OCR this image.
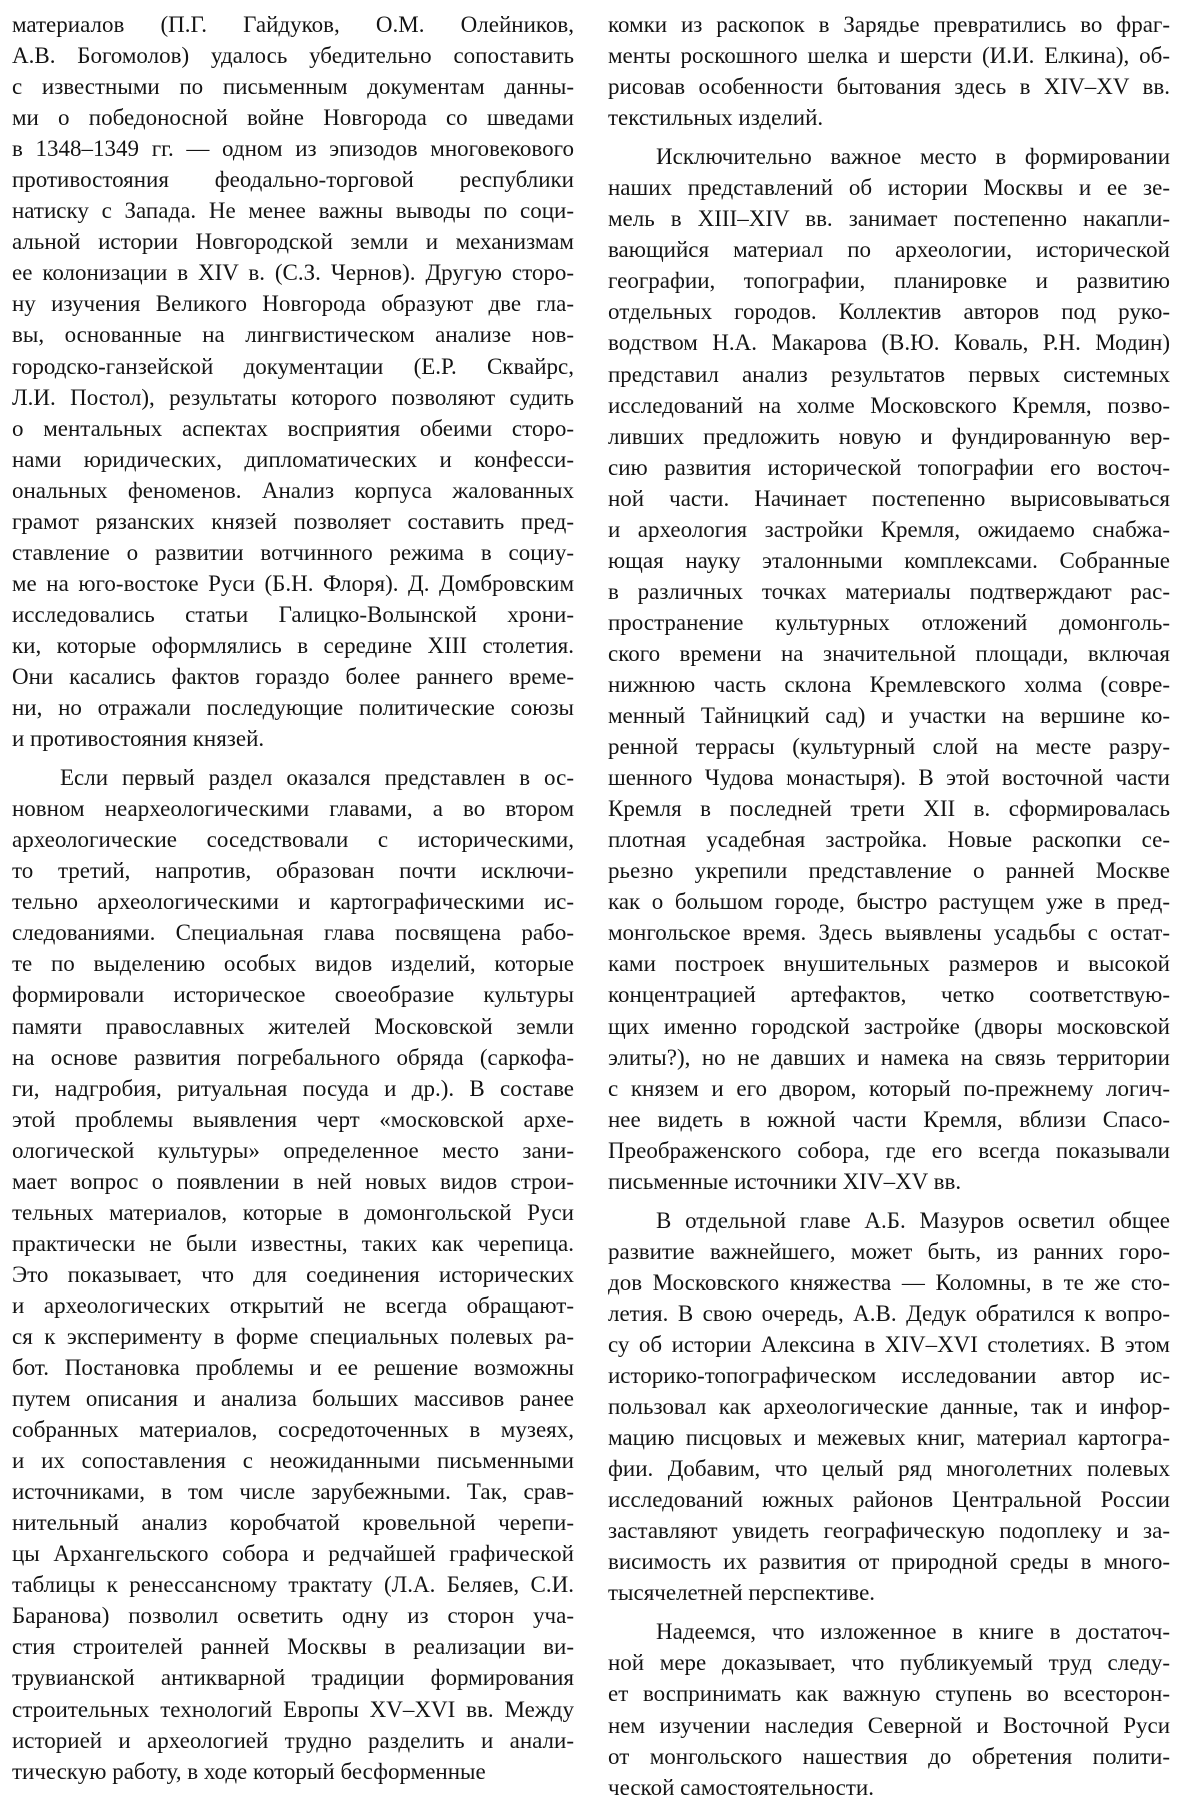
материалов (П.Г. Гайдуков, О.М. Олейников,
А.В. Богомолов) удалось убедительно сопоставить
с известными по письменным документам данны-
ми о победоносной войне Новгорода со шведами
в 1348–1349 гг. — одном из эпизодов многовекового
противостояния феодально-торговой республики
натиску с Запада. Не менее важны выводы по соци-
альной истории Новгородской земли и механизмам
ее колонизации в XIV в. (С.З. Чернов). Другую сторо-
ну изучения Великого Новгорода образуют две гла-
вы, основанные на лингвистическом анализе нов-
городско-ганзейской документации (Е.Р. Сквайрс,
Л.И. Постол), результаты которого позволяют судить
о ментальных аспектах восприятия обеими сторо-
нами юридических, дипломатических и конфесси-
ональных феноменов. Анализ корпуса жалованных
грамот рязанских князей позволяет составить пред-
ставление о развитии вотчинного режима в социу-
ме на юго-востоке Руси (Б.Н. Флоря). Д. Домбровским
исследовались статьи Галицко-Волынской хрони-
ки, которые оформлялись в середине XIII столетия.
Они касались фактов гораздо более раннего време-
ни, но отражали последующие политические союзы
и противостояния князей.
Если первый раздел оказался представлен в ос-
новном неархеологическими главами, а во втором
археологические соседствовали с историческими,
то третий, напротив, образован почти исключи-
тельно археологическими и картографическими ис-
следованиями. Специальная глава посвящена рабо-
те по выделению особых видов изделий, которые
формировали историческое своеобразие культуры
памяти православных жителей Московской земли
на основе развития погребального обряда (саркофа-
ги, надгробия, ритуальная посуда и др.). В составе
этой проблемы выявления черт «московской архе-
ологической культуры» определенное место зани-
мает вопрос о появлении в ней новых видов строи-
тельных материалов, которые в домонгольской Руси
практически не были известны, таких как черепица.
Это показывает, что для соединения исторических
и археологических открытий не всегда обращают-
ся к эксперименту в форме специальных полевых ра-
бот. Постановка проблемы и ее решение возможны
путем описания и анализа больших массивов ранее
собранных материалов, сосредоточенных в музеях,
и их сопоставления с неожиданными письменными
источниками, в том числе зарубежными. Так, срав-
нительный анализ коробчатой кровельной черепи-
цы Архангельского собора и редчайшей графической
таблицы к ренессансному трактату (Л.А. Беляев, С.И.
Баранова) позволил осветить одну из сторон уча-
стия строителей ранней Москвы в реализации ви-
трувианской антикварной традиции формирования
строительных технологий Европы XV–XVI вв. Между
историей и археологией трудно разделить и анали-
тическую работу, в ходе который бесформенные
комки из раскопок в Зарядье превратились во фраг-
менты роскошного шелка и шерсти (И.И. Елкина), об-
рисовав особенности бытования здесь в XIV–XV вв.
текстильных изделий.
Исключительно важное место в формировании
наших представлений об истории Москвы и ее зе-
мель в XIII–XIV вв. занимает постепенно накапли-
вающийся материал по археологии, исторической
географии, топографии, планировке и развитию
отдельных городов. Коллектив авторов под руко-
водством Н.А. Макарова (В.Ю. Коваль, Р.Н. Модин)
представил анализ результатов первых системных
исследований на холме Московского Кремля, позво-
ливших предложить новую и фундированную вер-
сию развития исторической топографии его восточ-
ной части. Начинает постепенно вырисовываться
и археология застройки Кремля, ожидаемо снабжа-
ющая науку эталонными комплексами. Собранные
в различных точках материалы подтверждают рас-
пространение культурных отложений домонголь-
ского времени на значительной площади, включая
нижнюю часть склона Кремлевского холма (совре-
менный Тайницкий сад) и участки на вершине ко-
ренной террасы (культурный слой на месте разру-
шенного Чудова монастыря). В этой восточной части
Кремля в последней трети XII в. сформировалась
плотная усадебная застройка. Новые раскопки се-
рьезно укрепили представление о ранней Москве
как о большом городе, быстро растущем уже в пред-
монгольское время. Здесь выявлены усадьбы с остат-
ками построек внушительных размеров и высокой
концентрацией артефактов, четко соответствую-
щих именно городской застройке (дворы московской
элиты?), но не давших и намека на связь территории
с князем и его двором, который по-прежнему логич-
нее видеть в южной части Кремля, вблизи Спасо-
Преображенского собора, где его всегда показывали
письменные источники XIV–XV вв.
В отдельной главе А.Б. Мазуров осветил общее
развитие важнейшего, может быть, из ранних горо-
дов Московского княжества — Коломны, в те же сто-
летия. В свою очередь, А.В. Дедук обратился к вопро-
су об истории Алексина в XIV–XVI столетиях. В этом
историко-топографическом исследовании автор ис-
пользовал как археологические данные, так и инфор-
мацию писцовых и межевых книг, материал картогра-
фии. Добавим, что целый ряд многолетних полевых
исследований южных районов Центральной России
заставляют увидеть географическую подоплеку и за-
висимость их развития от природной среды в много-
тысячелетней перспективе.
Надеемся, что изложенное в книге в достаточ-
ной мере доказывает, что публикуемый труд следу-
ет воспринимать как важную ступень во всесторон-
нем изучении наследия Северной и Восточной Руси
от монгольского нашествия до обретения полити-
ческой самостоятельности.
